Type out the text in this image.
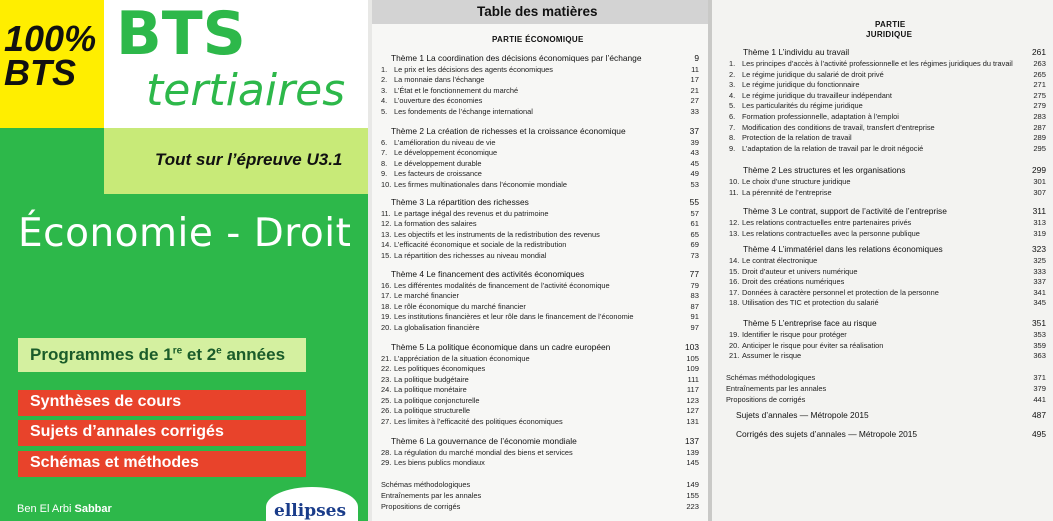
100%
BTS
BTS
tertiaires
Tout sur l’épreuve U3.1
Économie - Droit
Programmes de 1re et 2e années
Synthèses de cours
Sujets d’annales corrigés
Schémas et méthodes
Ben El Arbi Sabbar	ellipses
Table des matières
PARTIE ÉCONOMIQUE
Thème 1 La coordination des décisions économiques par l’échange	9
1. Le prix et les décisions des agents économiques	11
2. La monnaie dans l’échange	17
3. L’État et le fonctionnement du marché	21
4. L’ouverture des économies	27
5. Les fondements de l’échange international	33
Thème 2 La création de richesses et la croissance économique	37
6. L’amélioration du niveau de vie	39
7. Le développement économique	43
8. Le développement durable	45
9. Les facteurs de croissance	49
10. Les firmes multinationales dans l’économie mondiale	53
Thème 3 La répartition des richesses	55
11. Le partage inégal des revenus et du patrimoine	57
12. La formation des salaires	61
13. Les objectifs et les instruments de la redistribution des revenus	65
14. L’efficacité économique et sociale de la redistribution	69
15. La répartition des richesses au niveau mondial	73
Thème 4 Le financement des activités économiques	77
16. Les différentes modalités de financement de l’activité économique	79
17. Le marché financier	83
18. Le rôle économique du marché financier	87
19. Les institutions financières et leur rôle dans le financement de l’économie	91
20. La globalisation financière	97
Thème 5 La politique économique dans un cadre européen	103
21. L’appréciation de la situation économique	105
22. Les politiques économiques	109
23. La politique budgétaire	111
24. La politique monétaire	117
25. La politique conjoncturelle	123
26. La politique structurelle	127
27. Les limites à l’efficacité des politiques économiques	131
Thème 6 La gouvernance de l’économie mondiale	137
28. La régulation du marché mondial des biens et services	139
29. Les biens publics mondiaux	145
Schémas méthodologiques	149
Entraînements par les annales	155
Propositions de corrigés	223
PARTIE
JURIDIQUE
Thème 1 L’individu au travail	261
1. Les principes d’accès à l’activité professionnelle et les régimes juridiques du travail	263
2. Le régime juridique du salarié de droit privé	265
3. Le régime juridique du fonctionnaire	271
4. Le régime juridique du travailleur indépendant	275
5. Les particularités du régime juridique	279
6. Formation professionnelle, adaptation à l’emploi	283
7. Modification des conditions de travail, transfert d’entreprise	287
8. Protection de la relation de travail	289
9. L’adaptation de la relation de travail par le droit négocié	295
Thème 2 Les structures et les organisations	299
10. Le choix d’une structure juridique	301
11. La pérennité de l’entreprise	307
Thème 3 Le contrat, support de l’activité de l’entreprise	311
12. Les relations contractuelles entre partenaires privés	313
13. Les relations contractuelles avec la personne publique	319
Thème 4 L’immatériel dans les relations économiques	323
14. Le contrat électronique	325
15. Droit d’auteur et univers numérique	333
16. Droit des créations numériques	337
17. Données à caractère personnel et protection de la personne	341
18. Utilisation des TIC et protection du salarié	345
Thème 5 L’entreprise face au risque	351
19. Identifier le risque pour protéger	353
20. Anticiper le risque pour éviter sa réalisation	359
21. Assumer le risque	363
Schémas méthodologiques	371
Entraînements par les annales	379
Propositions de corrigés	441
Sujets d’annales — Métropole 2015	487
Corrigés des sujets d’annales — Métropole 2015	495
